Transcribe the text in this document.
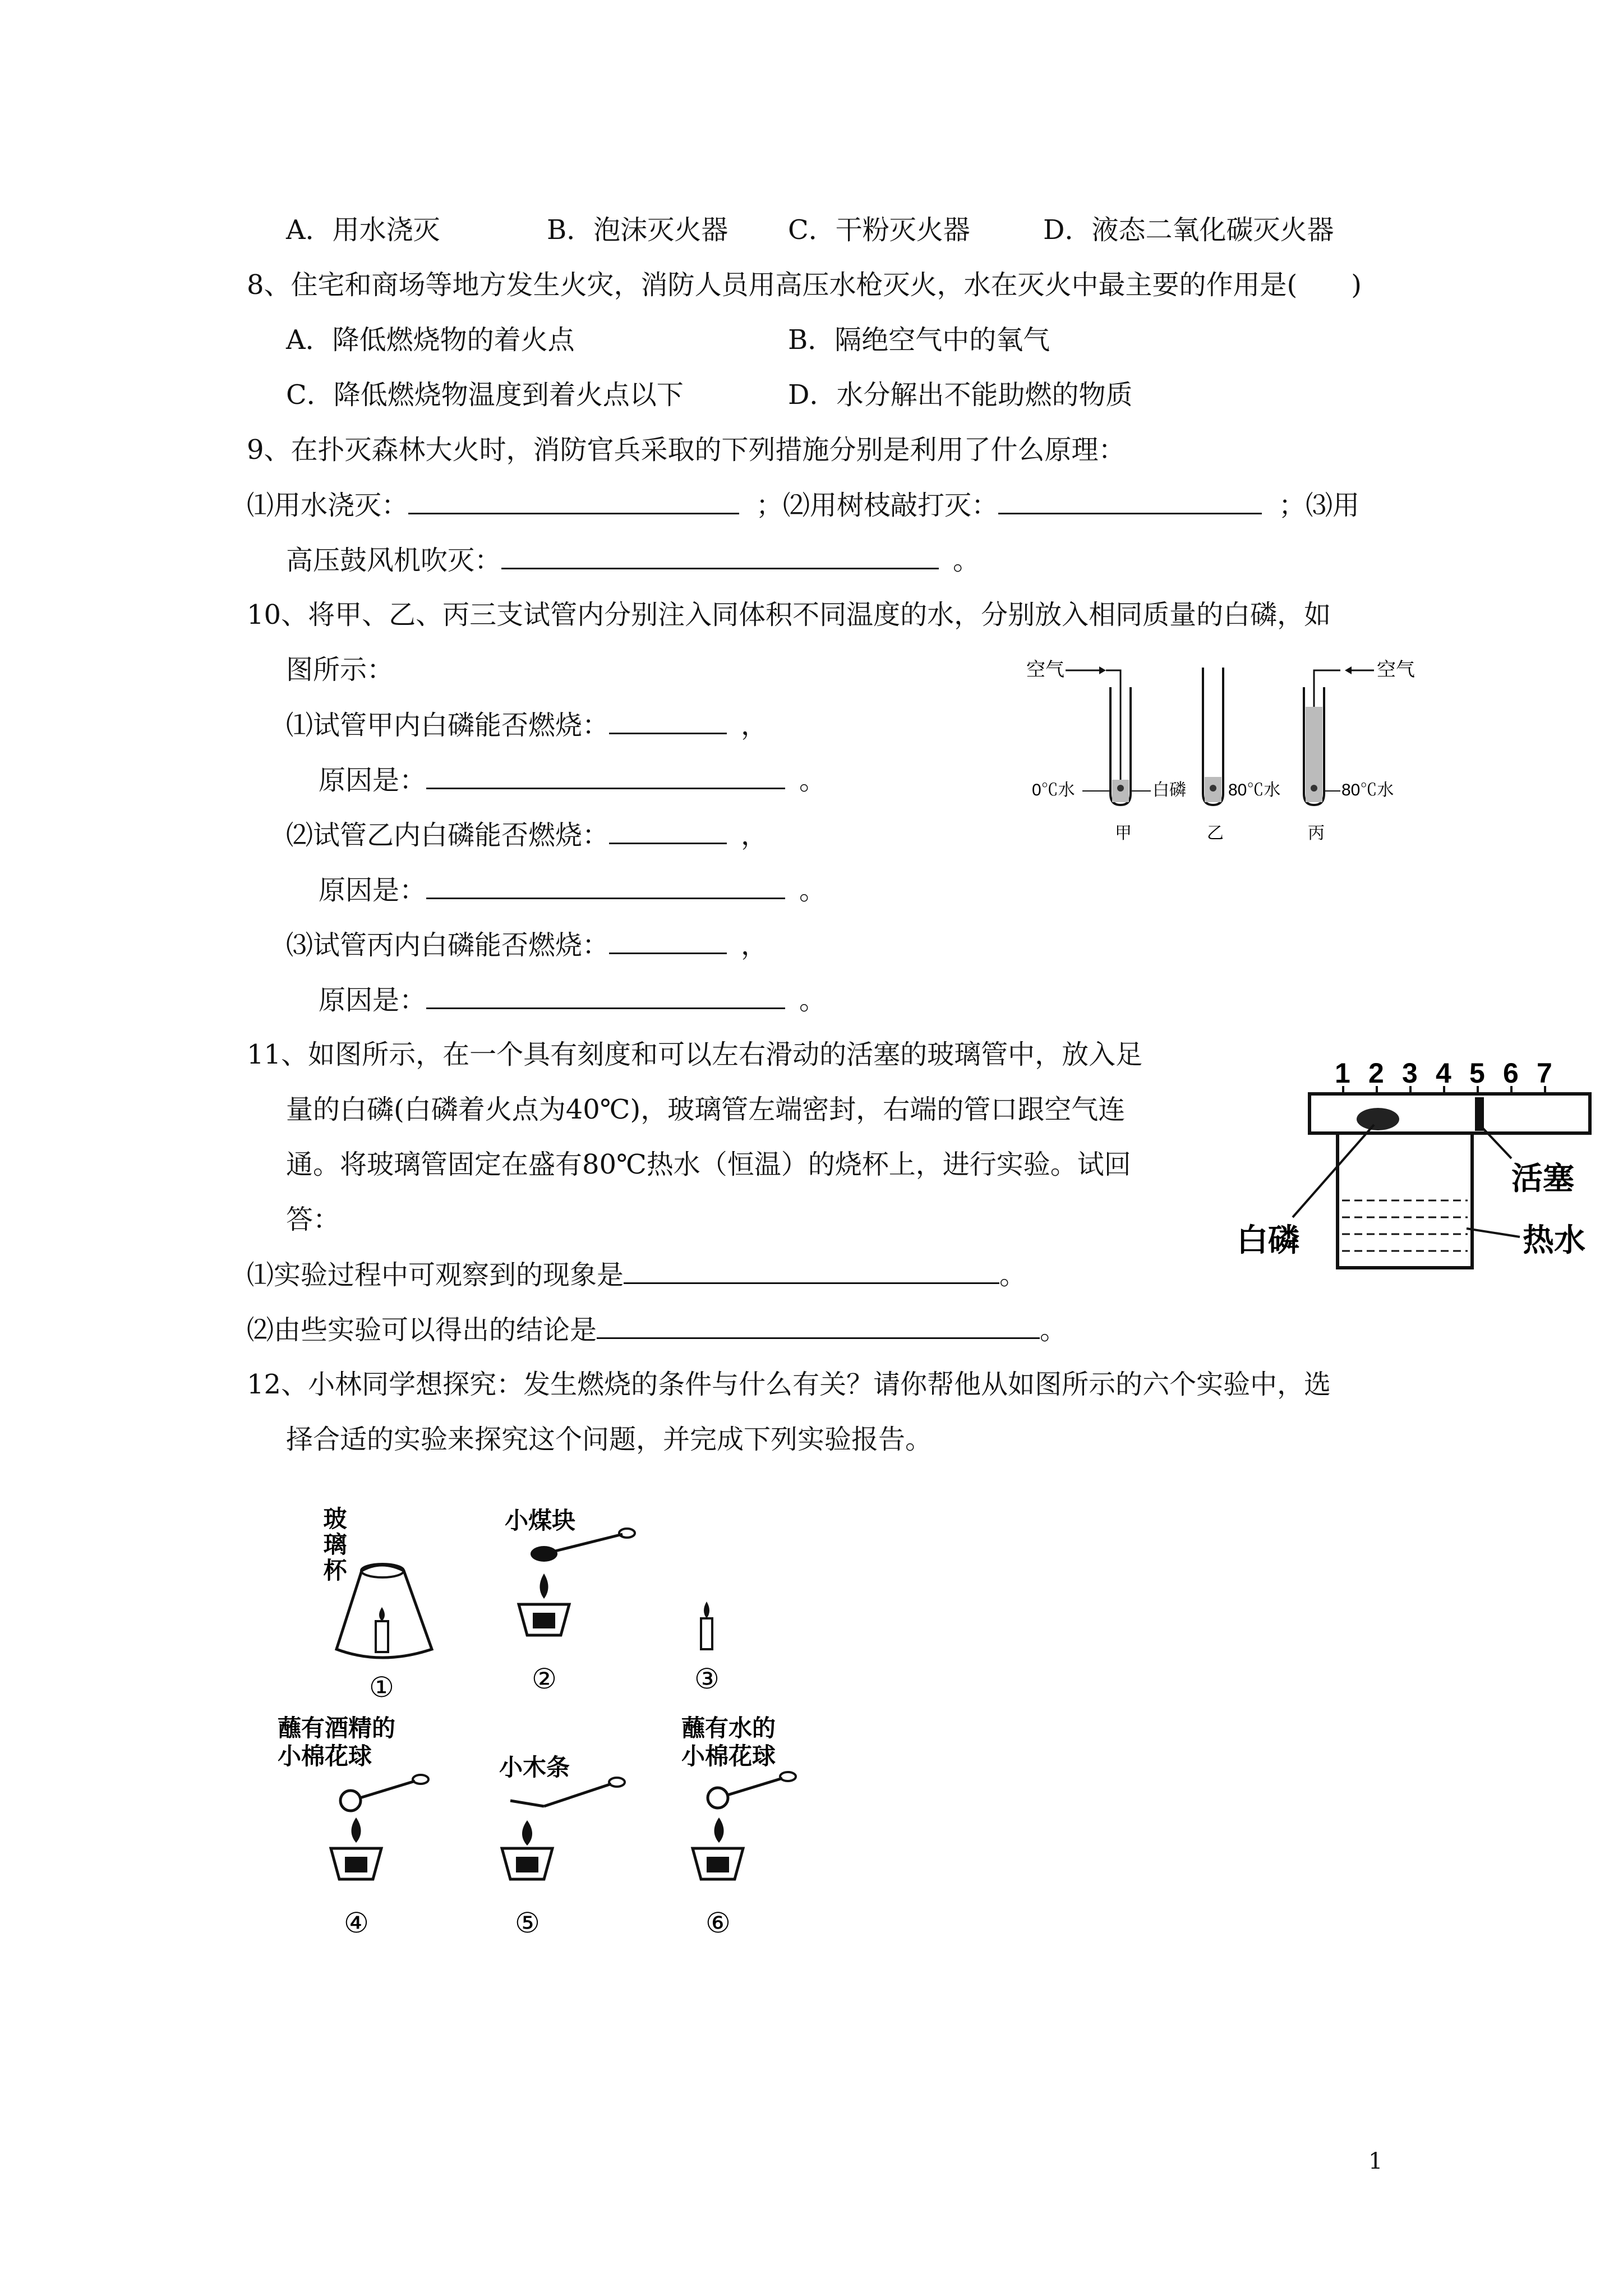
A．用水浇灭	B．泡沫灭火器 C．干粉灭火器	D．液态二氧化碳灭火器
8、住宅和商场等地方发生火灾，消防人员用高压水枪灭火，水在灭火中最主要的作用是(　　)
A．降低燃烧物的着火点	B．隔绝空气中的氧气
C．降低燃烧物温度到着火点以下	D．水分解出不能助燃的物质
9、在扑灭森林大火时，消防官兵采取的下列措施分别是利用了什么原理：
⑴用水浇灭：	；⑵用树枝敲打灭：	；⑶用
高压鼓风机吹灭：	。
10、将甲、乙、丙三支试管内分别注入同体积不同温度的水，分别放入相同质量的白磷，如
图所示：
⑴试管甲内白磷能否燃烧：	，
原因是：	。
⑵试管乙内白磷能否燃烧：	，
原因是：	。
⑶试管丙内白磷能否燃烧：	，
原因是：	。
空气
0℃水	白磷
甲
80℃水
乙
80℃水
空气
丙
11、如图所示，在一个具有刻度和可以左右滑动的活塞的玻璃管中，放入足
量的白磷(白磷着火点为40℃)，玻璃管左端密封，右端的管口跟空气连
通。将玻璃管固定在盛有80℃热水（恒温）的烧杯上，进行实验。试回
答：
⑴实验过程中可观察到的现象是	。
⑵由些实验可以得出的结论是	。
1 2 3 4 5 6 7
白磷
活塞
热水
12、小林同学想探究：发生燃烧的条件与什么有关？请你帮他从如图所示的六个实验中，选
择合适的实验来探究这个问题，并完成下列实验报告。
玻璃杯
①
小煤块
②	③
蘸有酒精的
小棉花球
④
小木条
⑤
蘸有水的
小棉花球
⑥
1
